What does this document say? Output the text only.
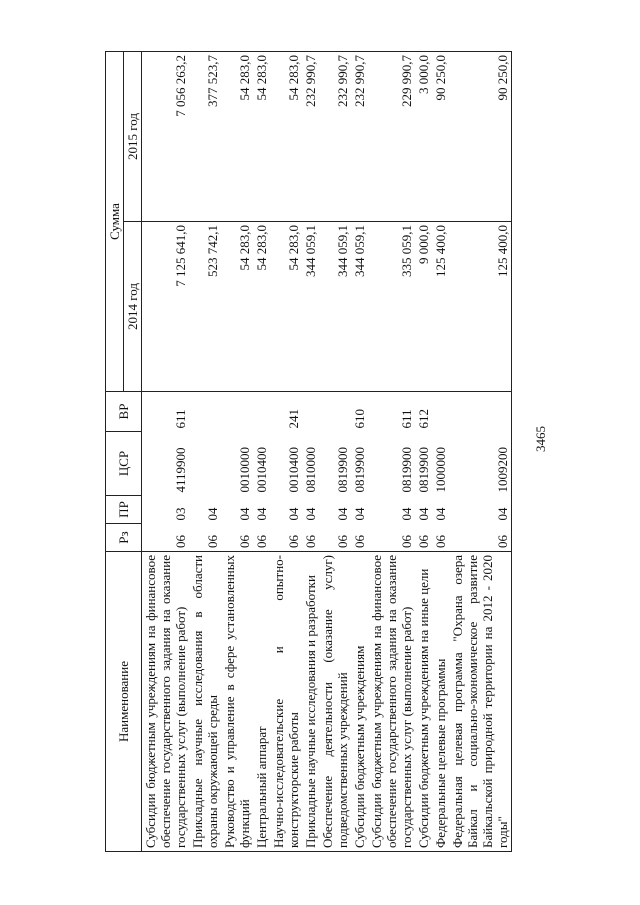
3465
Наименование	Рз	ПР	ЦСР	ВР	Сумма	
					2014 год	2015 год
Субсидии бюджетным учреждениям на финансовое обеспечение государственного задания на оказание государственных услуг (выполнение работ)	06	03	4119900	611	7 125 641,0	7 056 263,2
Прикладные научные исследования в области охраны окружающей среды	06	04			523 742,1	377 523,7
Руководство и управление в сфере установленных функций	06	04	0010000		54 283,0	54 283,0
Центральный аппарат	06	04	0010400		54 283,0	54 283,0
Научно-исследовательские и опытно-конструкторские работы	06	04	0010400	241	54 283,0	54 283,0
Прикладные научные исследования и разработки	06	04	0810000		344 059,1	232 990,7
Обеспечение деятельности (оказание услуг) подведомственных учреждений	06	04	0819900		344 059,1	232 990,7
Субсидии бюджетным учреждениям	06	04	0819900	610	344 059,1	232 990,7
Субсидии бюджетным учреждениям на финансовое обеспечение государственного задания на оказание государственных услуг (выполнение работ)	06	04	0819900	611	335 059,1	229 990,7
Субсидии бюджетным учреждениям на иные цели	06	04	0819900	612	9 000,0	3 000,0
Федеральные целевые программы	06	04	1000000		125 400,0	90 250,0
Федеральная целевая программа "Охрана озера Байкал и социально-экономическое развитие Байкальской природной территории на 2012 - 2020 годы"	06	04	1009200		125 400,0	90 250,0
